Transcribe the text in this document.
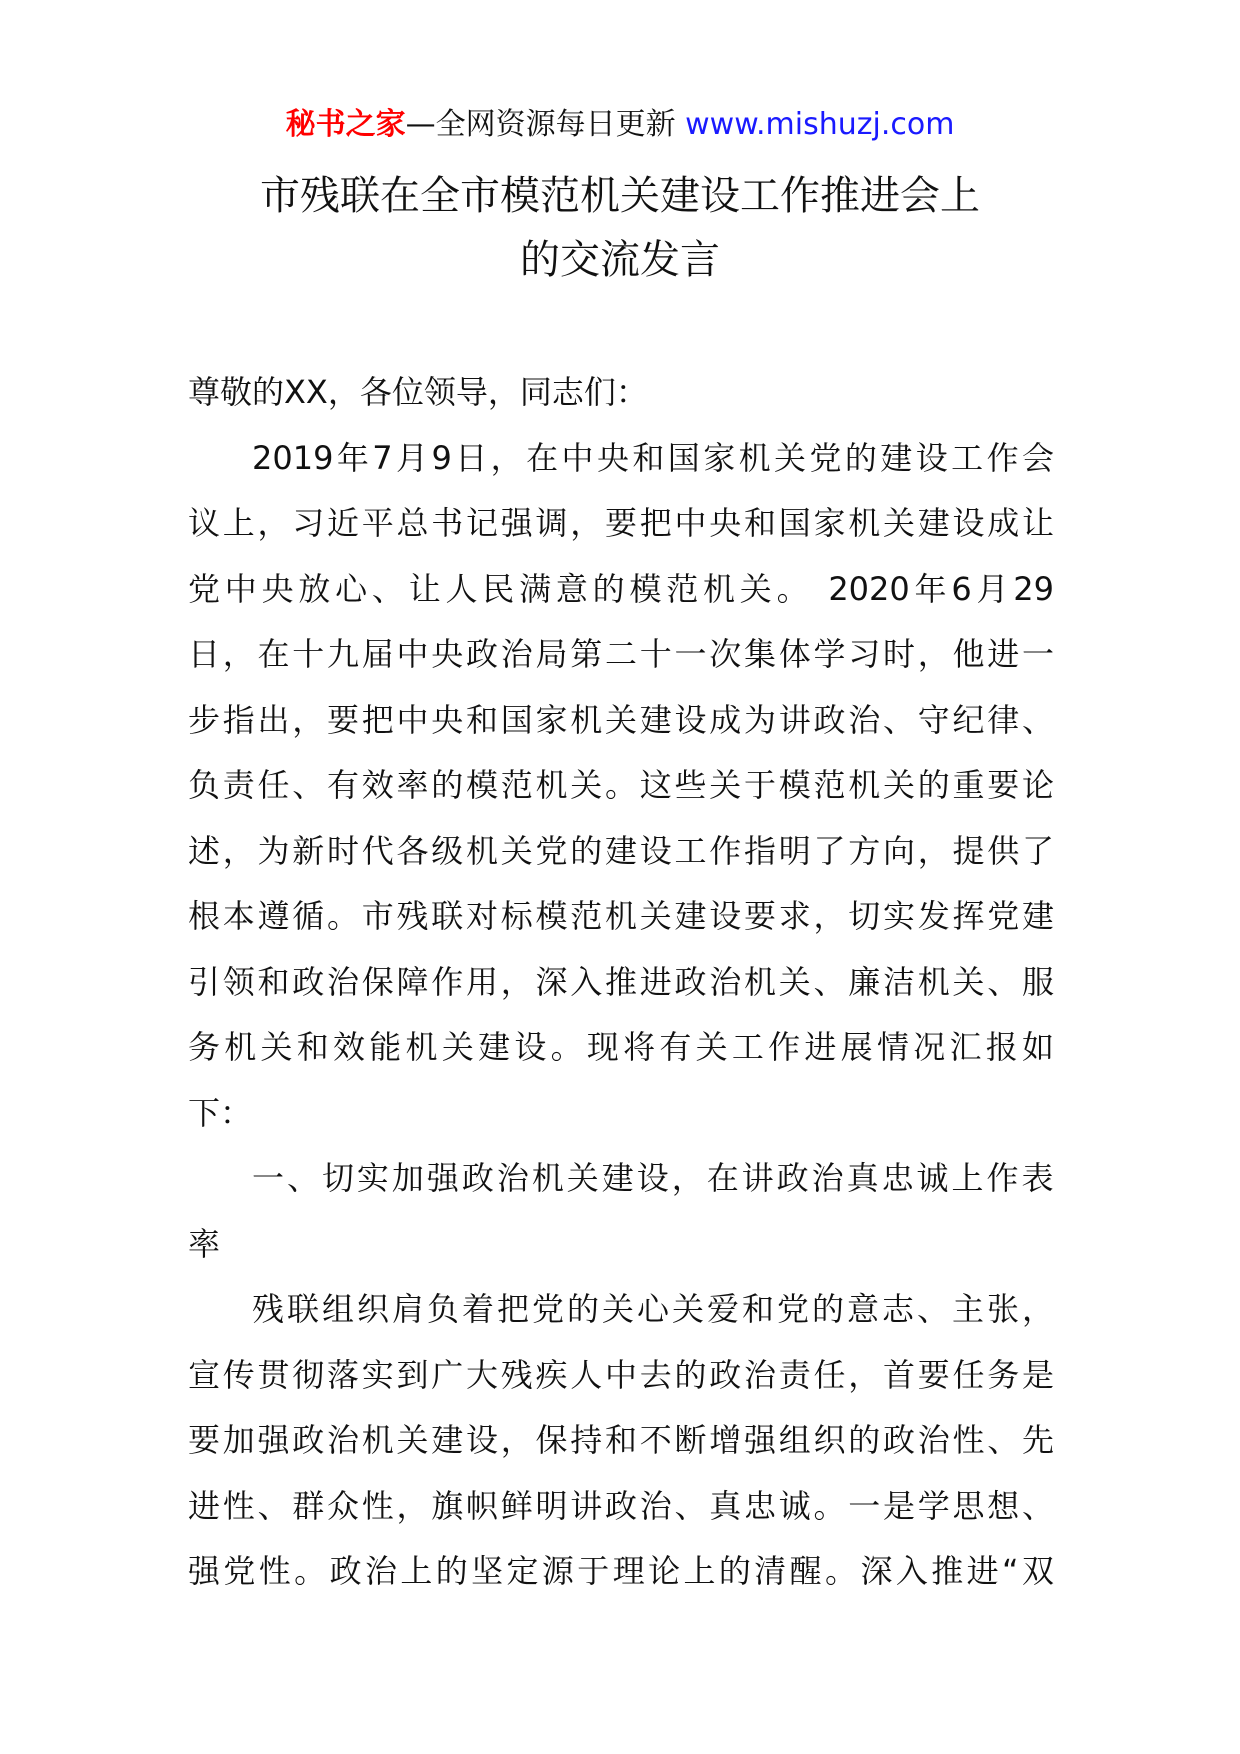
秘书之家—全网资源每日更新 www.mishuzj.com
市残联在全市模范机关建设工作推进会上
的交流发言
尊敬的XX，各位领导，同志们：
2019年7月9日，在中央和国家机关党的建设工作会
议上，习近平总书记强调，要把中央和国家机关建设成让
党中央放心、让人民满意的模范机关。 2020年6月29
日，在十九届中央政治局第二十一次集体学习时，他进一
步指出，要把中央和国家机关建设成为讲政治、守纪律、
负责任、有效率的模范机关。这些关于模范机关的重要论
述，为新时代各级机关党的建设工作指明了方向，提供了
根本遵循。市残联对标模范机关建设要求，切实发挥党建
引领和政治保障作用，深入推进政治机关、廉洁机关、服
务机关和效能机关建设。现将有关工作进展情况汇报如
下：
一、切实加强政治机关建设，在讲政治真忠诚上作表
率
残联组织肩负着把党的关心关爱和党的意志、主张，
宣传贯彻落实到广大残疾人中去的政治责任，首要任务是
要加强政治机关建设，保持和不断增强组织的政治性、先
进性、群众性，旗帜鲜明讲政治、真忠诚。一是学思想、
强党性。政治上的坚定源于理论上的清醒。深入推进“双
